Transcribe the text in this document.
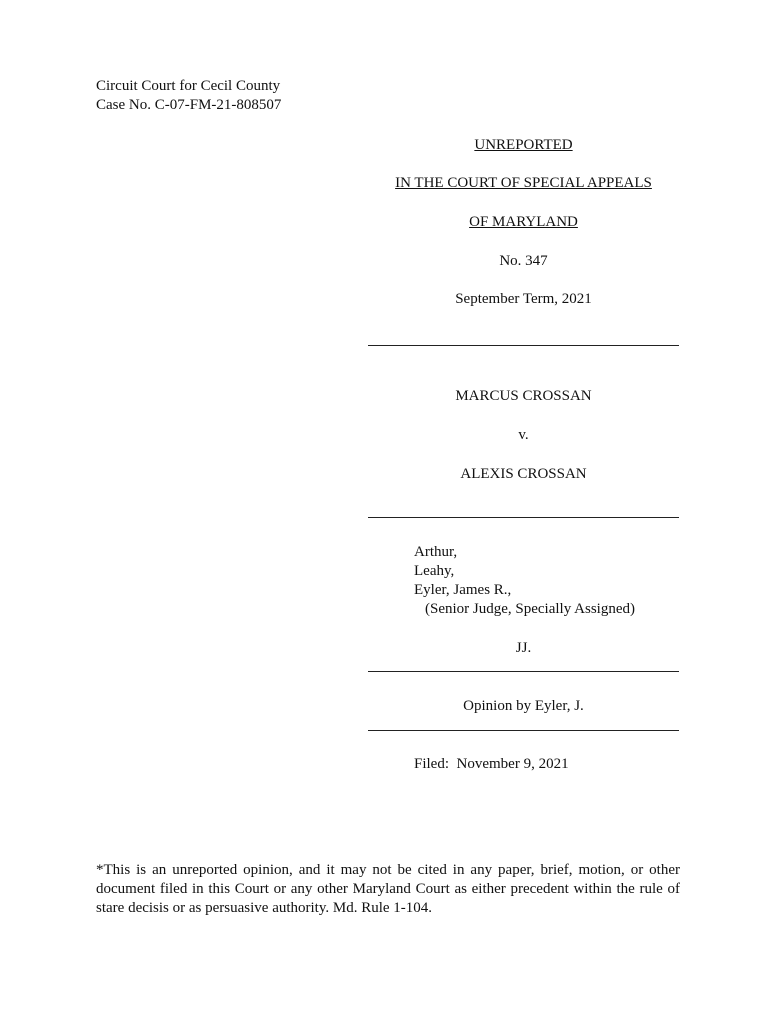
Circuit Court for Cecil County
Case No. C-07-FM-21-808507
UNREPORTED
IN THE COURT OF SPECIAL APPEALS
OF MARYLAND
No. 347
September Term, 2021
MARCUS CROSSAN
v.
ALEXIS CROSSAN
Arthur,
Leahy,
Eyler, James R.,
(Senior Judge, Specially Assigned)
JJ.
Opinion by Eyler, J.
Filed:  November 9, 2021
*This is an unreported opinion, and it may not be cited in any paper, brief, motion, or other document filed in this Court or any other Maryland Court as either precedent within the rule of stare decisis or as persuasive authority. Md. Rule 1-104.
